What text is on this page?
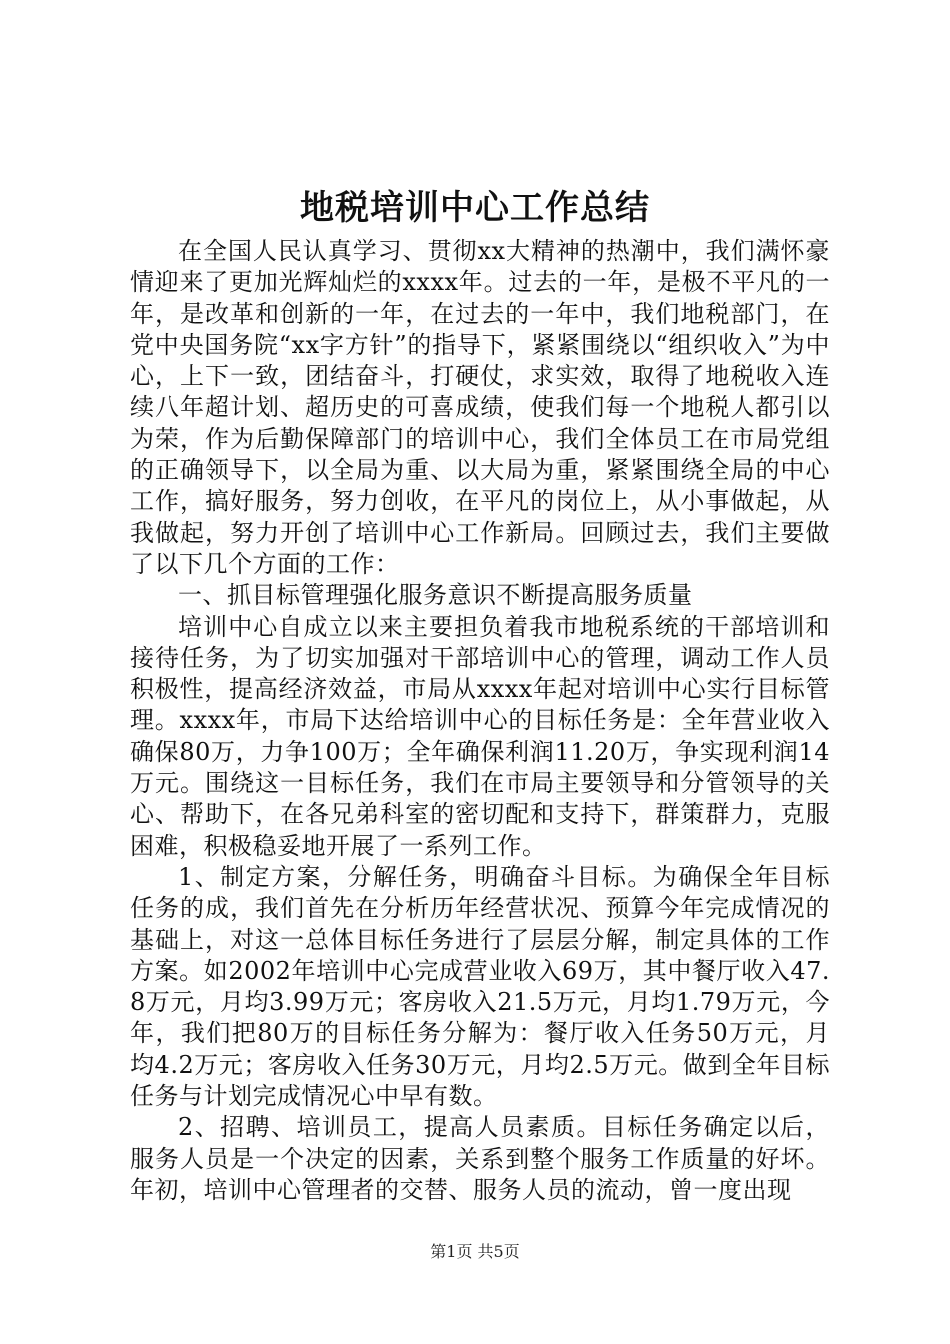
地税培训中心工作总结

在全国人民认真学习、贯彻xx大精神的热潮中，我们满怀豪情迎来了更加光辉灿烂的xxxx年。过去的一年，是极不平凡的一年，是改革和创新的一年，在过去的一年中，我们地税部门，在党中央国务院“xx字方针”的指导下，紧紧围绕以“组织收入”为中心，上下一致，团结奋斗，打硬仗，求实效，取得了地税收入连续八年超计划、超历史的可喜成绩，使我们每一个地税人都引以为荣，作为后勤保障部门的培训中心，我们全体员工在市局党组的正确领导下，以全局为重、以大局为重，紧紧围绕全局的中心工作，搞好服务，努力创收，在平凡的岗位上，从小事做起，从我做起，努力开创了培训中心工作新局。回顾过去，我们主要做了以下几个方面的工作：

一、抓目标管理强化服务意识不断提高服务质量

培训中心自成立以来主要担负着我市地税系统的干部培训和接待任务，为了切实加强对干部培训中心的管理，调动工作人员积极性，提高经济效益，市局从xxxx年起对培训中心实行目标管理。xxxx年，市局下达给培训中心的目标任务是：全年营业收入确保80万，力争100万；全年确保利润11.20万，争实现利润14万元。围绕这一目标任务，我们在市局主要领导和分管领导的关心、帮助下，在各兄弟科室的密切配和支持下，群策群力，克服困难，积极稳妥地开展了一系列工作。

1、制定方案，分解任务，明确奋斗目标。为确保全年目标任务的成，我们首先在分析历年经营状况、预算今年完成情况的基础上，对这一总体目标任务进行了层层分解，制定具体的工作方案。如2002年培训中心完成营业收入69万，其中餐厅收入47.8万元，月均3.99万元；客房收入21.5万元，月均1.79万元，今年，我们把80万的目标任务分解为：餐厅收入任务50万元，月均4.2万元；客房收入任务30万元，月均2.5万元。做到全年目标任务与计划完成情况心中早有数。

2、招聘、培训员工，提高人员素质。目标任务确定以后，服务人员是一个决定的因素，关系到整个服务工作质量的好坏。年初，培训中心管理者的交替、服务人员的流动，曾一度出现

第1页 共5页
